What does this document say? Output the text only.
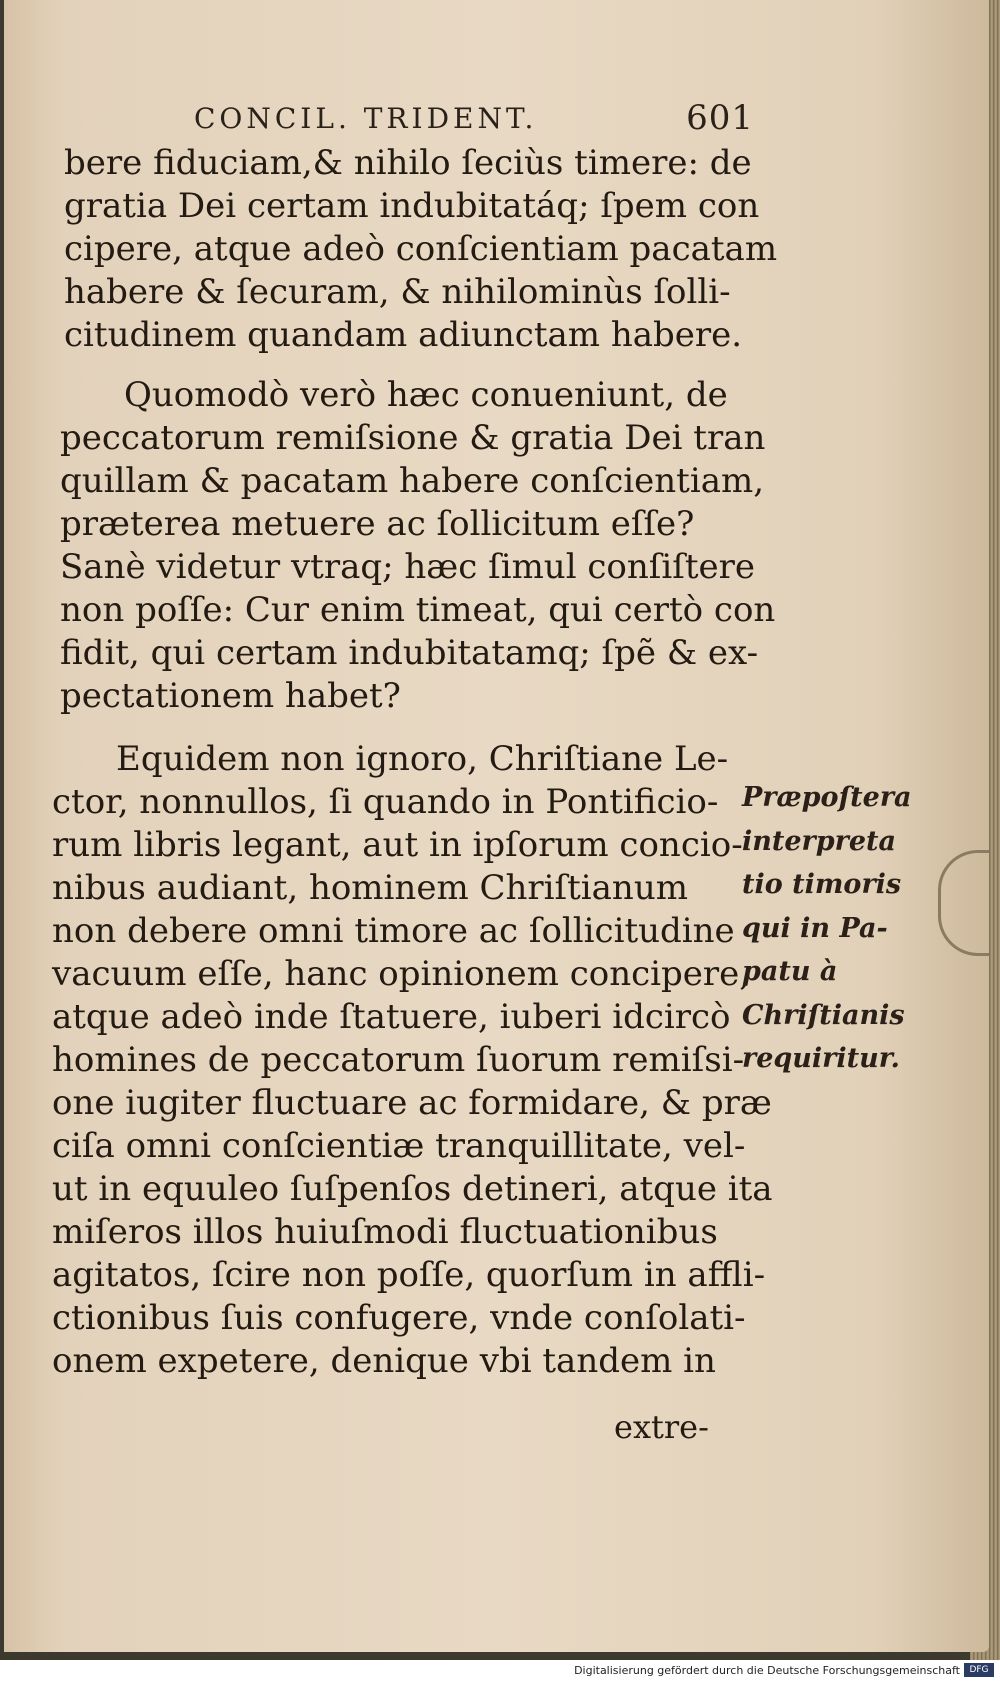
CONCIL. TRIDENT.	601
bere fiduciam,& nihilo ſeciùs timere: de
gratia Dei certam indubitatáq; ſpem con
cipere, atque adeò conſcientiam pacatam
habere & ſecuram, & nihilominùs ſolli-
citudinem quandam adiunctam habere.
Quomodò verò hæc conueniunt, de
peccatorum remiſsione & gratia Dei tran
quillam & pacatam habere conſcientiam,
præterea metuere ac ſollicitum eſſe?
Sanè videtur vtraq; hæc ſimul conſiſtere
non poſſe: Cur enim timeat, qui certò con
fidit, qui certam indubitatamq; ſpẽ & ex-
pectationem habet?
Equidem non ignoro, Chriſtiane Le-
ctor, nonnullos, ſi quando in Pontificio-
rum libris legant, aut in ipſorum concio-
nibus audiant, hominem Chriſtianum
non debere omni timore ac ſollicitudine
vacuum eſſe, hanc opinionem concipere,
atque adeò inde ſtatuere, iuberi idcircò
homines de peccatorum ſuorum remiſsi-
one iugiter fluctuare ac formidare, & præ
ciſa omni conſcientiæ tranquillitate, vel-
ut in equuleo ſuſpenſos detineri, atque ita
miſeros illos huiuſmodi fluctuationibus
agitatos, ſcire non poſſe, quorſum in affli-
ctionibus ſuis confugere, vnde conſolati-
onem expetere, denique vbi tandem in
Præpoſtera
interpreta
tio timoris
qui in Pa-
patu à
Chriſtianis
requiritur.
extre-
Digitalisierung gefördert durch die Deutsche Forschungsgemeinschaft	DFG
